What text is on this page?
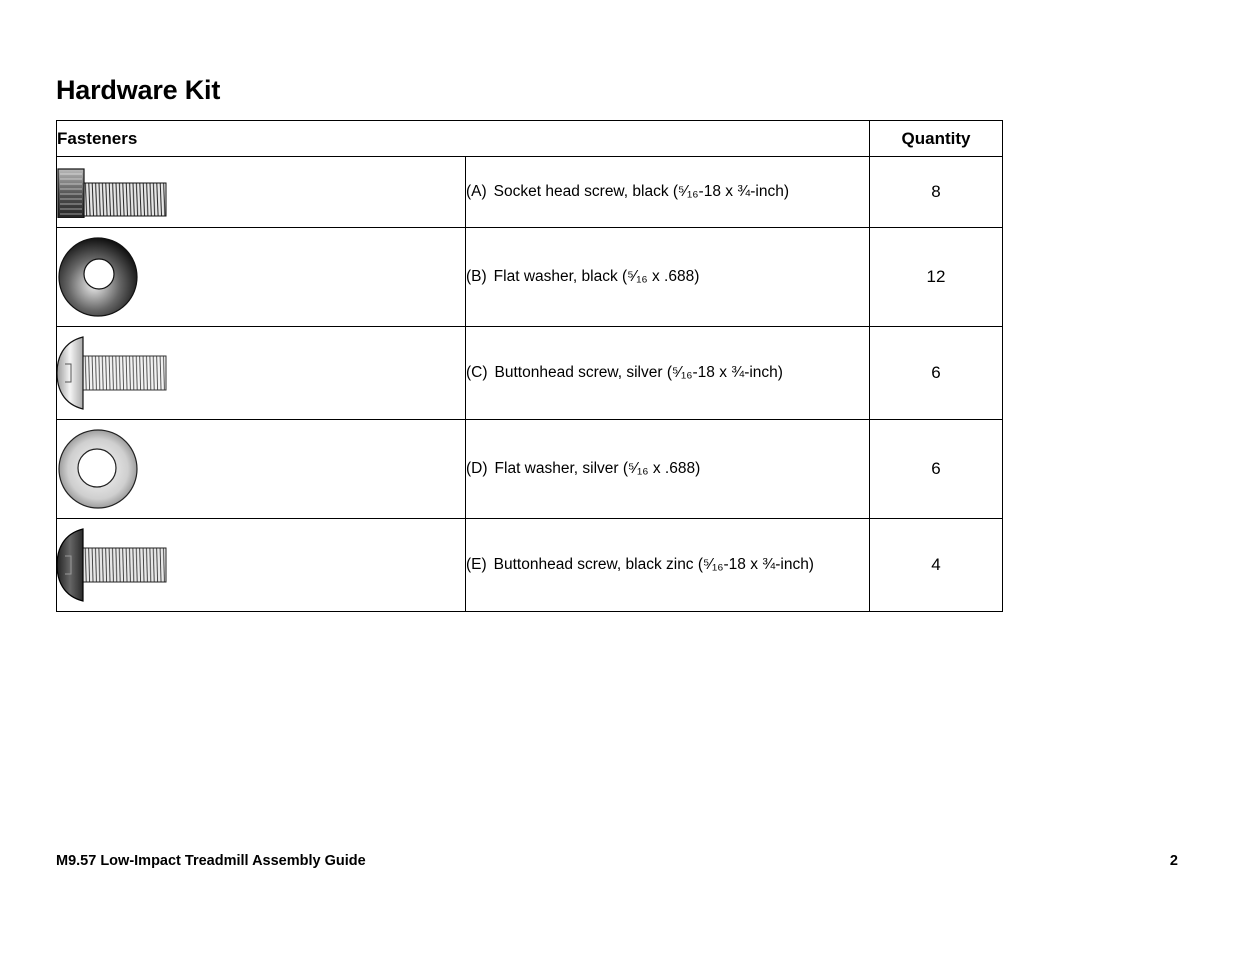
Hardware Kit
Fasteners		Quantity

	(A) Socket head screw, black (⁵⁄₁₆-18 x ¾-inch)	8

	(B) Flat washer, black (⁵⁄₁₆ x .688)	12

	(C) Buttonhead screw, silver (⁵⁄₁₆-18 x ¾-inch)	6

	(D) Flat washer, silver (⁵⁄₁₆ x .688)	6

	(E) Buttonhead screw, black zinc (⁵⁄₁₆-18 x ¾-inch)	4
M9.57 Low-Impact Treadmill Assembly Guide	2
